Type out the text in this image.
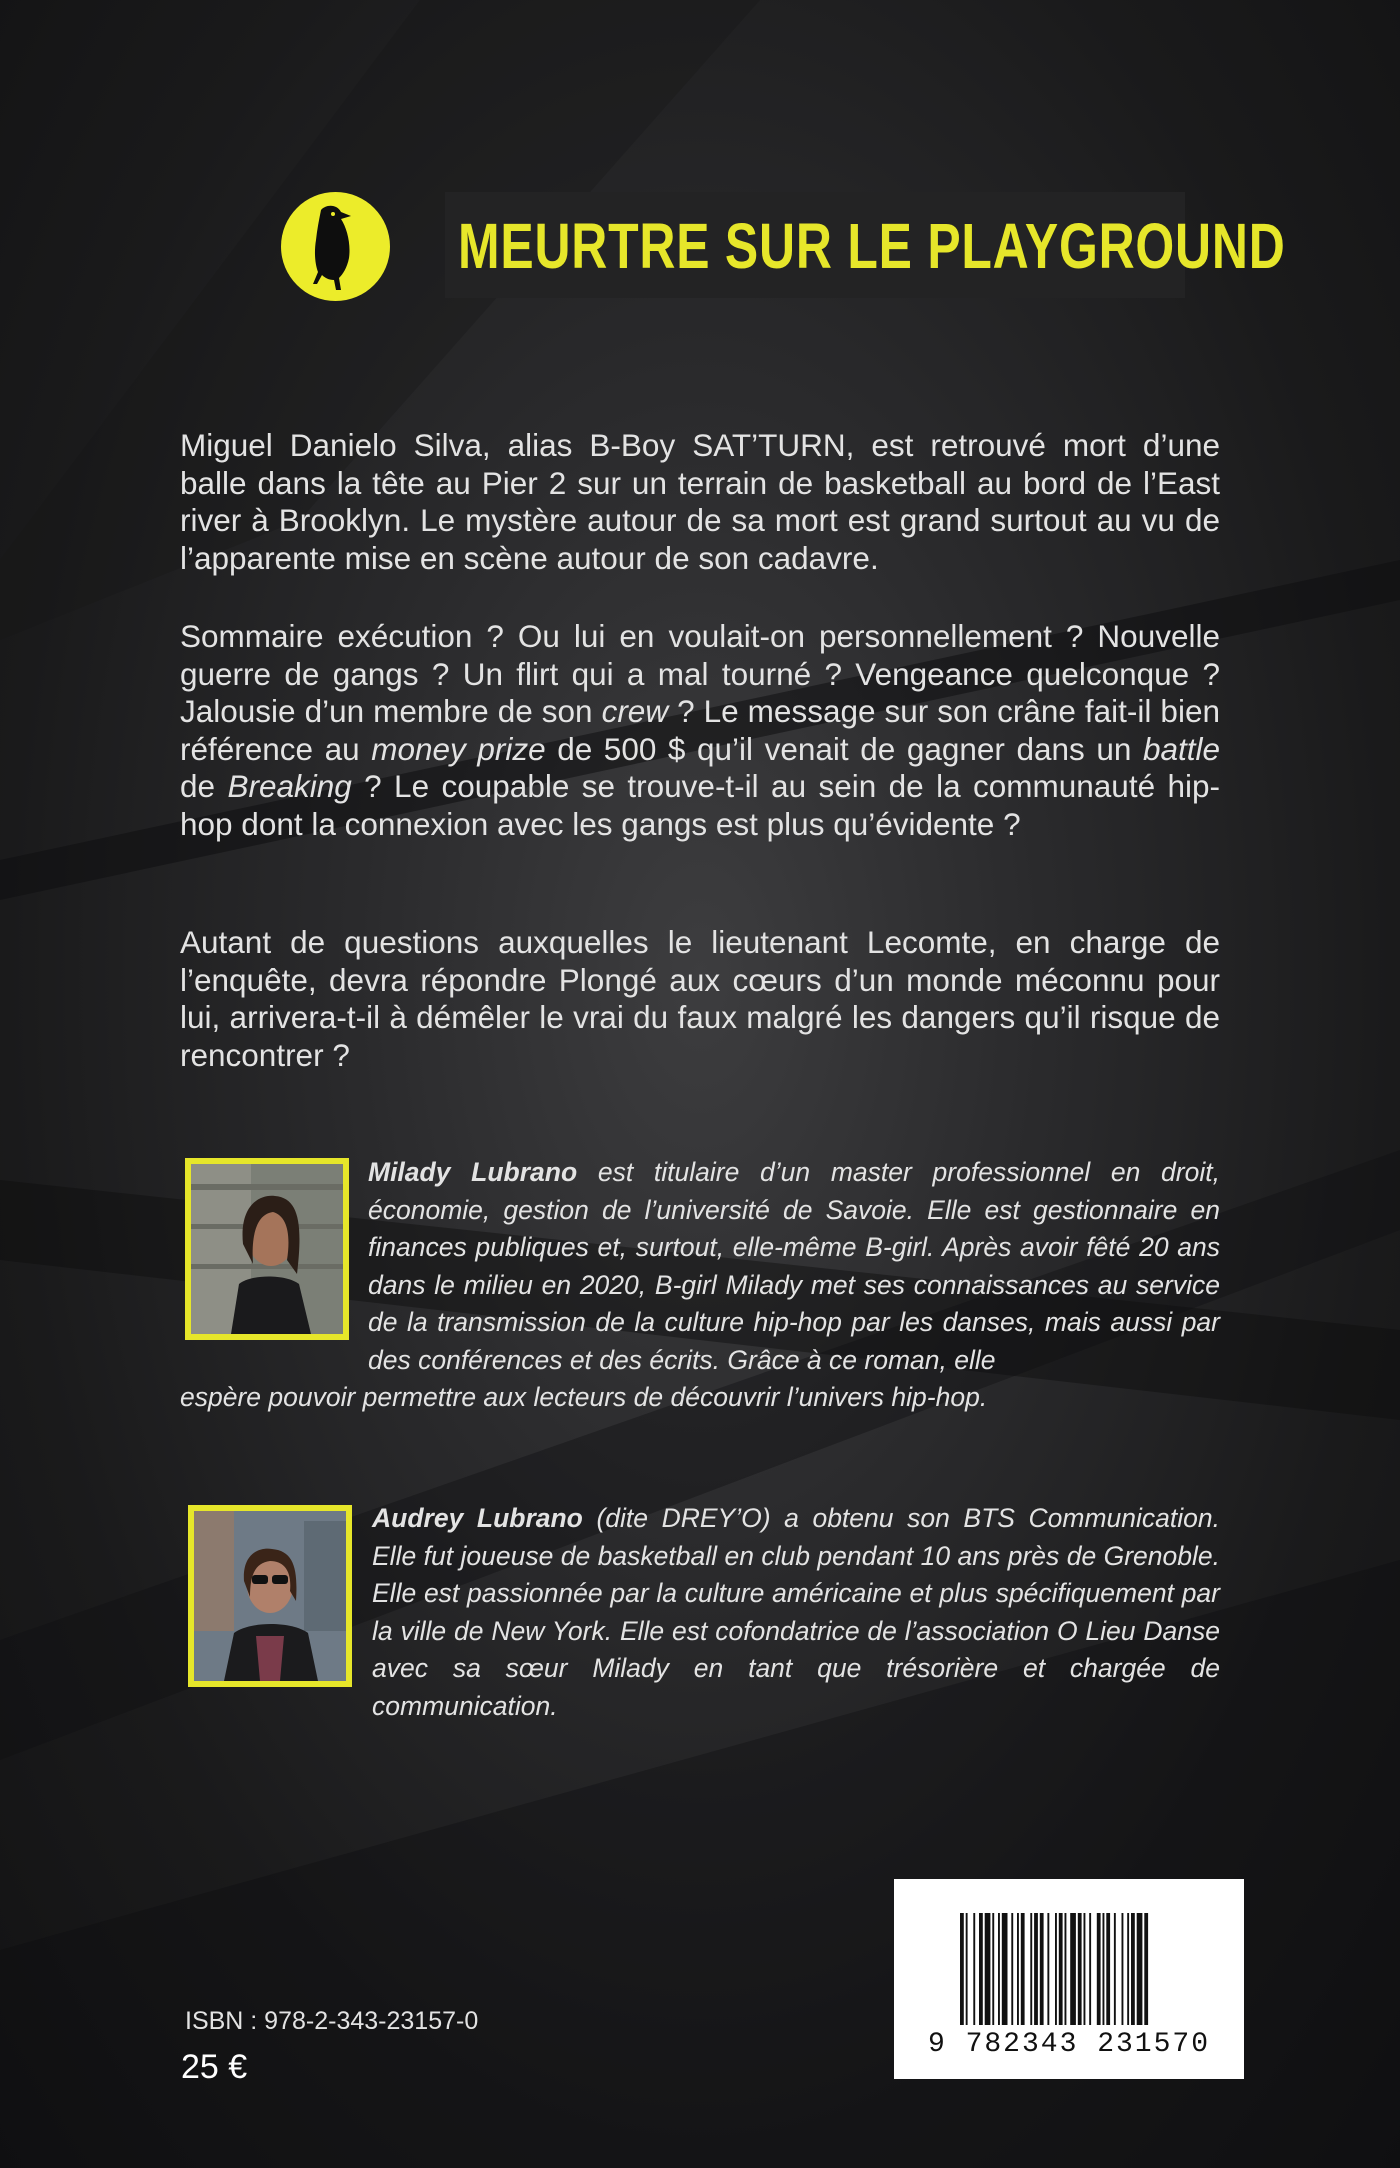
MEURTRE SUR LE PLAYGROUND

Miguel Danielo Silva, alias B-Boy SAT’TURN, est retrouvé mort d’une balle dans la tête au Pier 2 sur un terrain de basketball au bord de l’East river à Brooklyn. Le mystère autour de sa mort est grand surtout au vu de l’apparente mise en scène autour de son cadavre.

Sommaire exécution ? Ou lui en voulait-on personnellement ? Nouvelle guerre de gangs ? Un flirt qui a mal tourné ? Vengeance quelconque ? Jalousie d’un membre de son crew ? Le message sur son crâne fait-il bien référence au money prize de 500 $ qu’il venait de gagner dans un battle de Breaking ? Le coupable se trouve-t-il au sein de la communauté hip-hop dont la connexion avec les gangs est plus qu’évidente ?

Autant de questions auxquelles le lieutenant Lecomte, en charge de l’enquête, devra répondre Plongé aux cœurs d’un monde méconnu pour lui, arrivera-t-il à démêler le vrai du faux malgré les dangers qu’il risque de rencontrer ?

Milady Lubrano est titulaire d’un master professionnel en droit, économie, gestion de l’université de Savoie. Elle est gestionnaire en finances publiques et, surtout, elle-même B-girl. Après avoir fêté 20 ans dans le milieu en 2020, B-girl Milady met ses connaissances au service de la transmission de la culture hip-hop par les danses, mais aussi par des conférences et des écrits. Grâce à ce roman, elle

espère pouvoir permettre aux lecteurs de découvrir l’univers hip-hop.

Audrey Lubrano (dite DREY’O) a obtenu son BTS Communication. Elle fut joueuse de basketball en club pendant 10 ans près de Grenoble. Elle est passionnée par la culture américaine et plus spécifiquement par la ville de New York. Elle est cofondatrice de l’association O Lieu Danse avec sa sœur Milady en tant que trésorière et chargée de communication.

ISBN : 978-2-343-23157-0
25 €
9 782343 231570
